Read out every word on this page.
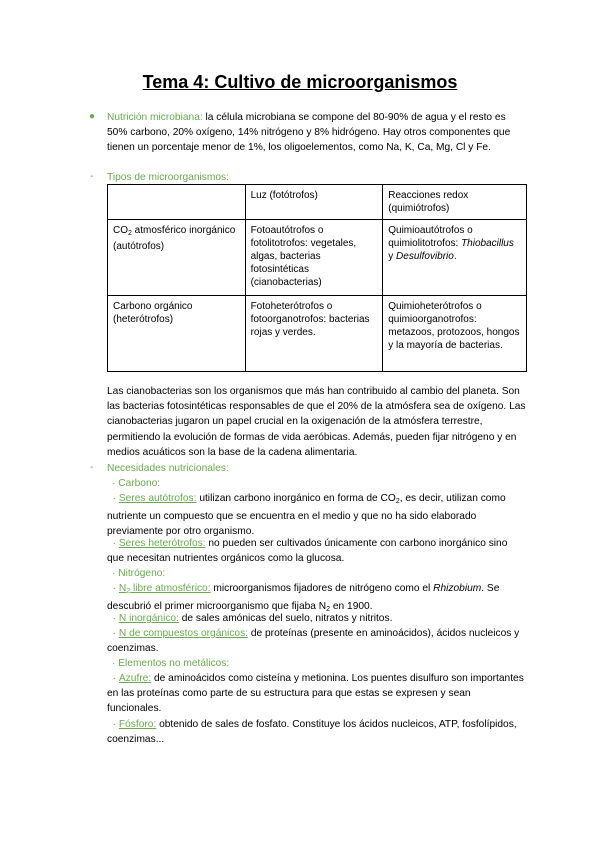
Tema 4: Cultivo de microorganismos
● Nutrición microbiana: la célula microbiana se compone del 80-90% de agua y el resto es 50% carbono, 20% oxígeno, 14% nitrógeno y 8% hidrógeno. Hay otros componentes que tienen un porcentaje menor de 1%, los oligoelementos, como Na, K, Ca, Mg, Cl y Fe.
- Tipos de microorganismos:
	Luz (fotótrofos)	Reacciones redox (quimiótrofos)
$CO_2$ atmosférico inorgánico (autótrofos)	Fotoautótrofos o fotolitotrofos: vegetales, algas, bacterias fotosintéticas (cianobacterias)	Quimioautótrofos o quimiolitotrofos: Thiobacillus y Desulfovibrio.
Carbono orgánico (heterótrofos)	Fotoheterótrofos o fotoorganotrofos: bacterias rojas y verdes.	Quimioheterótrofos o quimioorganotrofos: metazoos, protozoos, hongos y la mayoría de bacterias.
Las cianobacterias son los organismos que más han contribuido al cambio del planeta. Son las bacterias fotosintéticas responsables de que el 20% de la atmósfera sea de oxígeno. Las cianobacterias jugaron un papel crucial en la oxigenación de la atmósfera terrestre, permitiendo la evolución de formas de vida aeróbicas. Además, pueden fijar nitrógeno y en medios acuáticos son la base de la cadena alimentaria.
- Necesidades nutricionales:
· Carbono:
· Seres autótrofos: utilizan carbono inorgánico en forma de $CO_2$, es decir, utilizan como nutriente un compuesto que se encuentra en el medio y que no ha sido elaborado previamente por otro organismo.
· Seres heterótrofos: no pueden ser cultivados únicamente con carbono inorgánico sino que necesitan nutrientes orgánicos como la glucosa.
· Nitrógeno:
· $N_2$ libre atmosférico: microorganismos fijadores de nitrógeno como el Rhizobium. Se descubrió el primer microorganismo que fijaba $N_2$ en 1900.
· N inorgánico: de sales amónicas del suelo, nitratos y nitritos.
· N de compuestos orgánicos: de proteínas (presente en aminoácidos), ácidos nucleicos y coenzimas.
· Elementos no metálicos:
· Azufre: de aminoácidos como cisteína y metionina. Los puentes disulfuro son importantes en las proteínas como parte de su estructura para que estas se expresen y sean funcionales.
· Fósforo: obtenido de sales de fosfato. Constituye los ácidos nucleicos, ATP, fosfolípidos, coenzimas...
